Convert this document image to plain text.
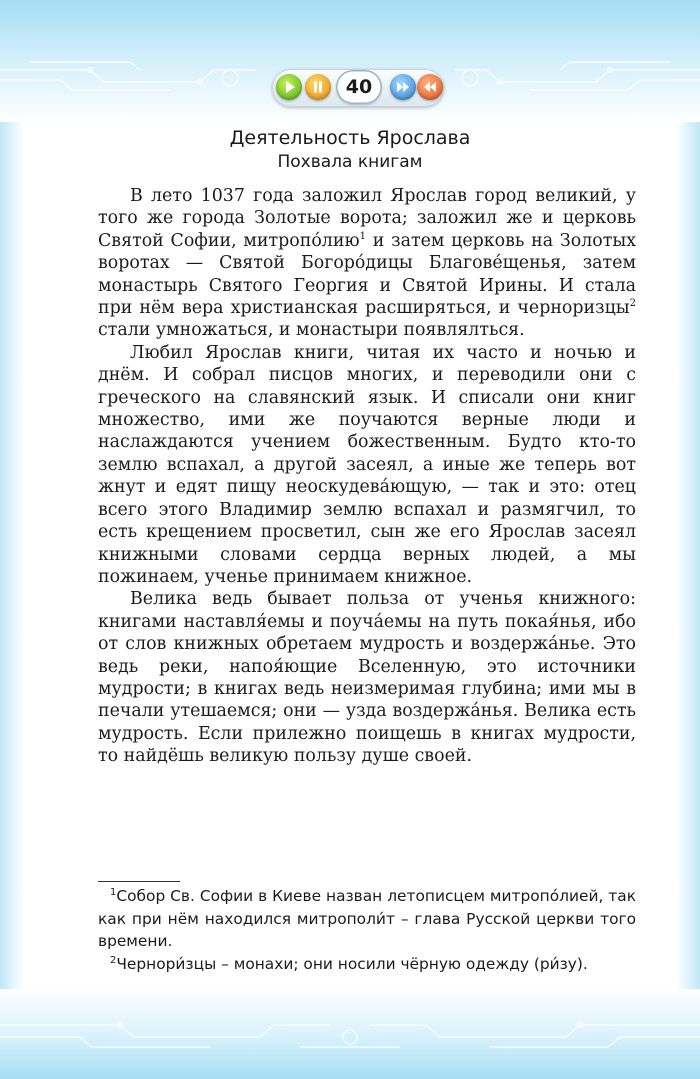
40
Деятельность Ярослава
Похвала книгам

В лето 1037 года заложил Ярослав город великий, у того же города Золотые ворота; заложил же и церковь Святой Софии, митропо́лию$^1$ и затем церковь на Золотых воротах — Святой Богоро́дицы Благове́щенья, затем монастырь Святого Георгия и Святой Ирины. И стала при нём вера христианская расширяться, и черноризцы$^2$ стали умножаться, и монастыри появлялться.

Любил Ярослав книги, читая их часто и ночью и днём. И собрал писцов многих, и переводили они с греческого на славянский язык. И списали они книг множество, ими же поучаются верные люди и наслаждаются учением божественным. Будто кто-то землю вспахал, а другой засеял, а иные же теперь вот жнут и едят пищу неоскудева́ющую, — так и это: отец всего этого Владимир землю вспахал и размягчил, то есть крещением просветил, сын же его Ярослав засеял книжными словами сердца верных людей, а мы пожинаем, ученье принимаем книжное.

Велика ведь бывает польза от ученья книжного: книгами наставля́емы и поуча́емы на путь покая́нья, ибо от слов книжных обретаем мудрость и воздержа́нье. Это ведь реки, напоя́ющие Вселенную, это источники мудрости; в книгах ведь неизмеримая глубина; ими мы в печали утешаемся; они — узда воздержа́нья. Велика есть мудрость. Если прилежно поищешь в книгах мудрости, то найдёшь великую пользу душе своей.

$^1$Собор Св. Софии в Киеве назван летописцем митропо́лией, так как при нём находился митрополи́т – глава Русской церкви того времени.

$^2$Чернори́зцы – монахи; они носили чёрную одежду (ри́зу).
